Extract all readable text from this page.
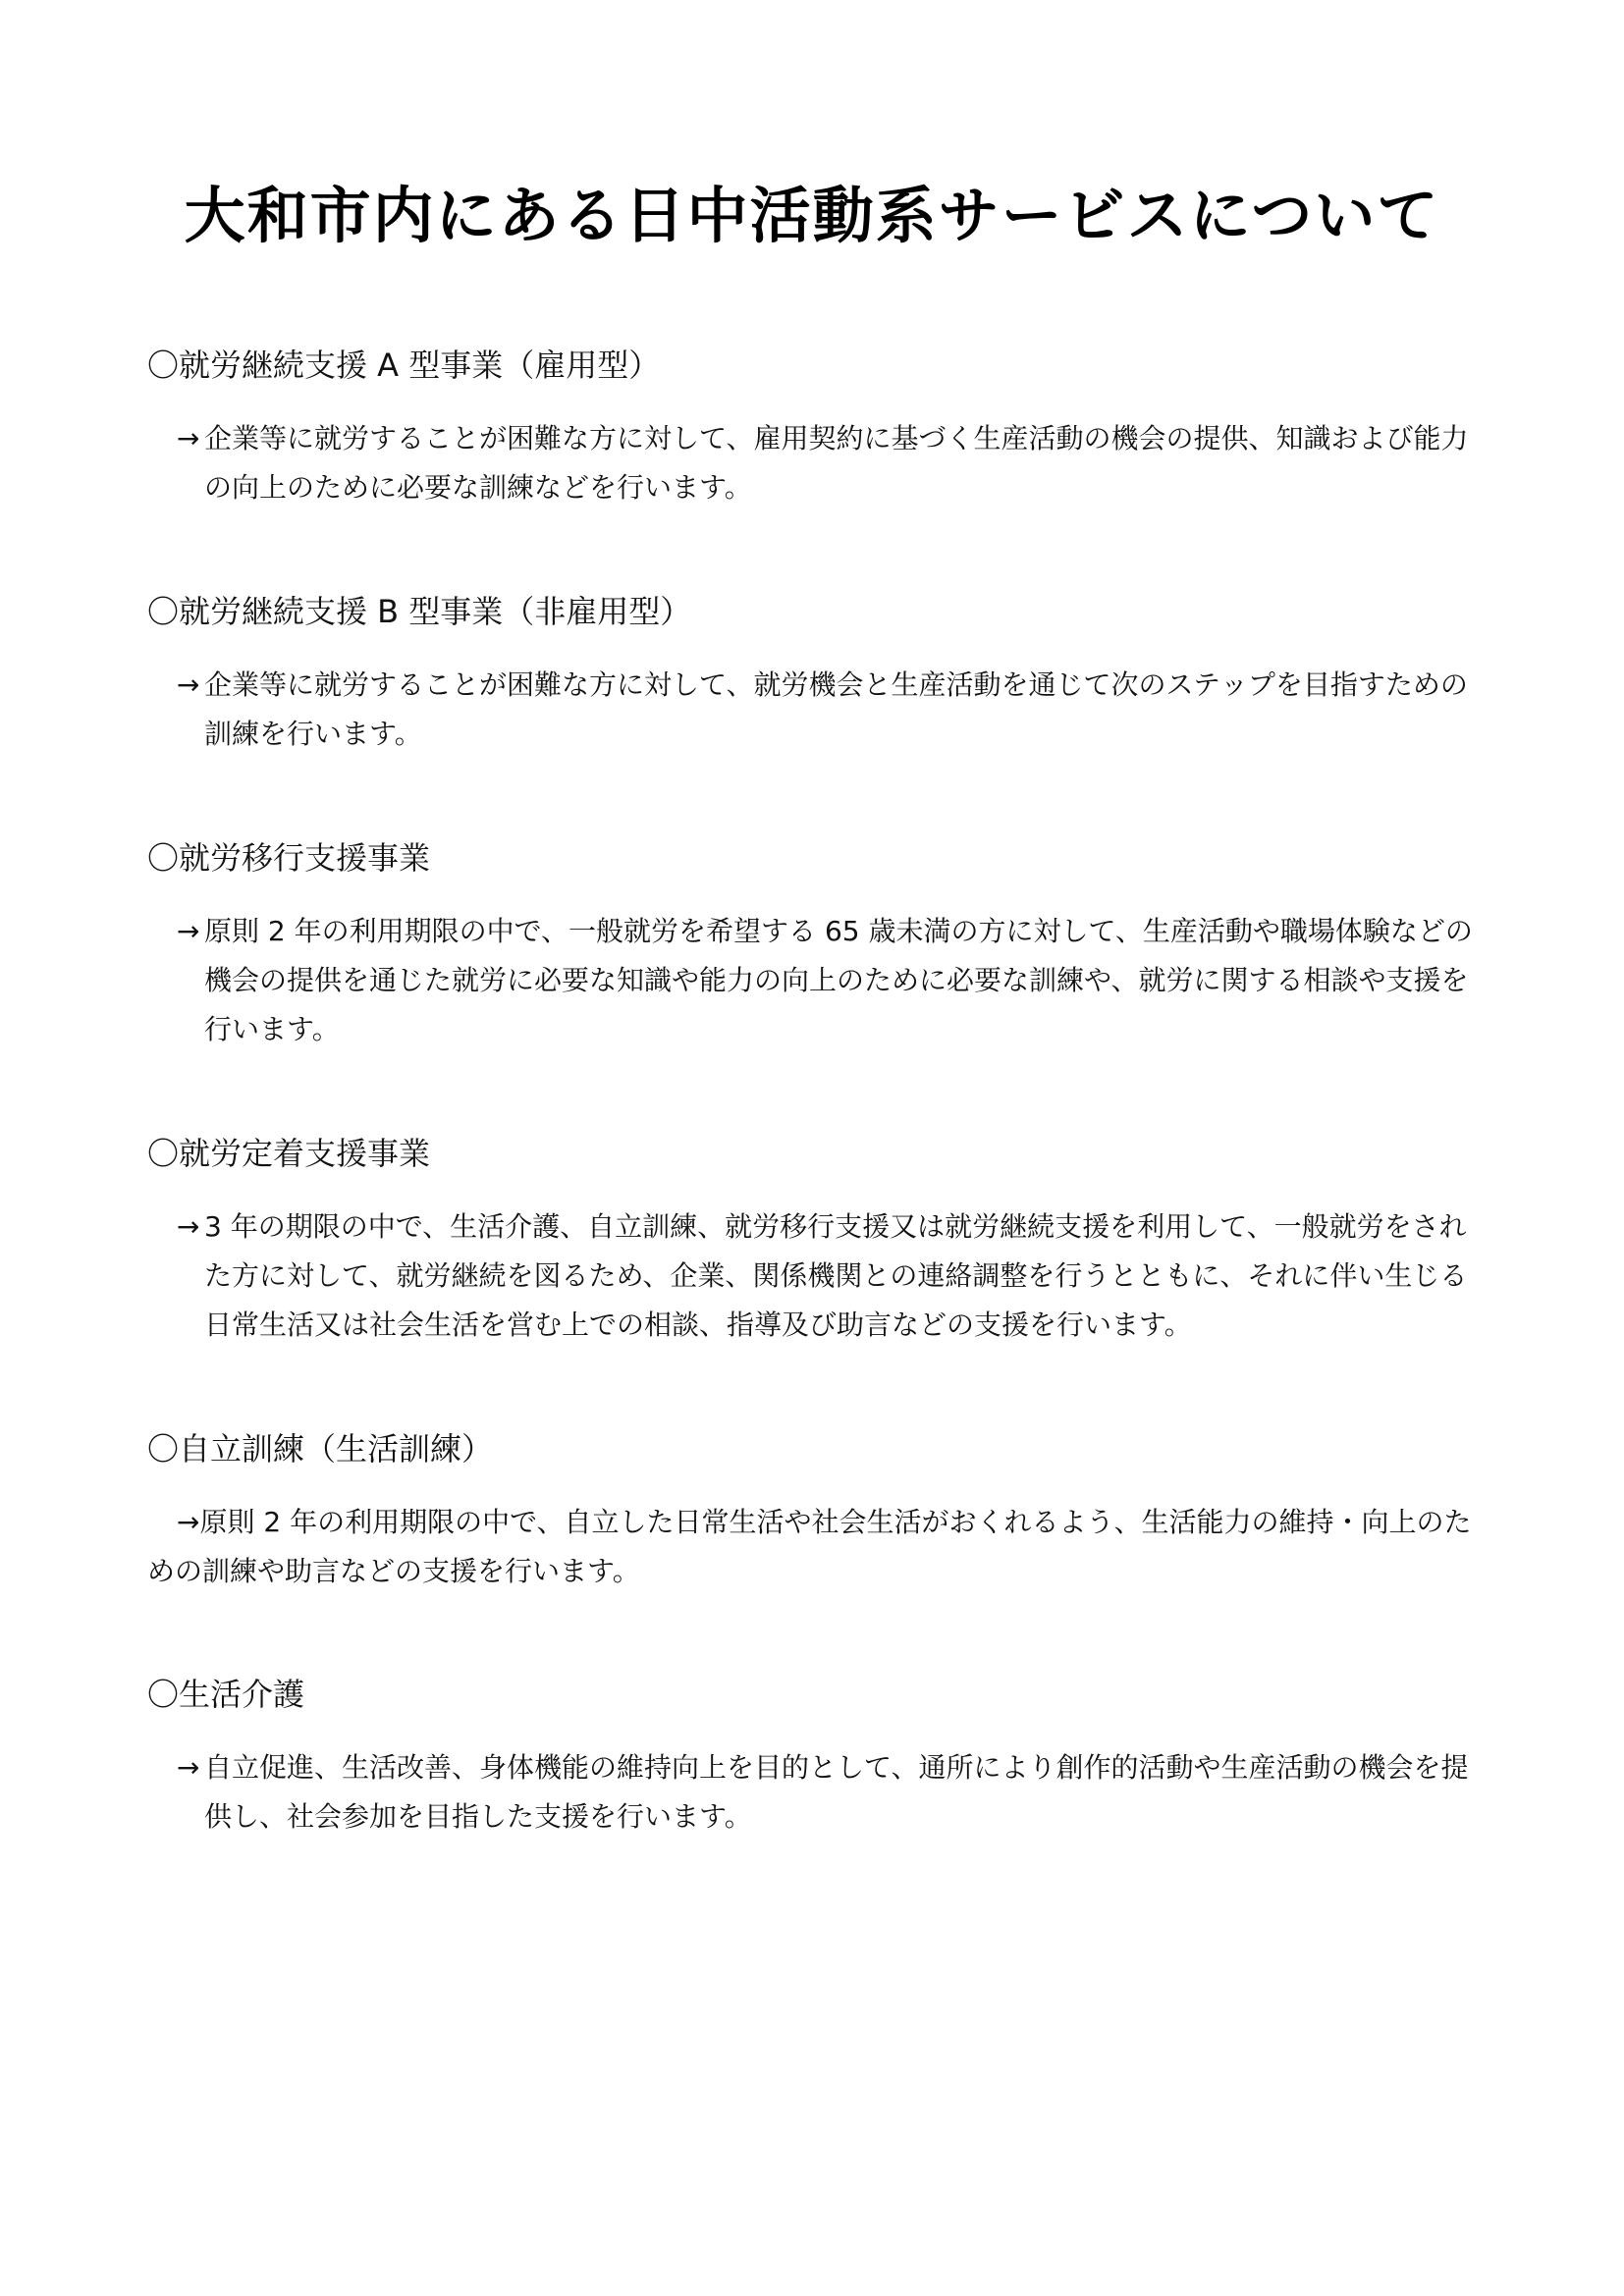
大和市内にある日中活動系サービスについて

〇就労継続支援 A 型事業（雇用型）

→ 企業等に就労することが困難な方に対して、雇用契約に基づく生産活動の機会の提供、知識および能力の向上のために必要な訓練などを行います。

〇就労継続支援 B 型事業（非雇用型）

→ 企業等に就労することが困難な方に対して、就労機会と生産活動を通じて次のステップを目指すための訓練を行います。

〇就労移行支援事業

→ 原則 2 年の利用期限の中で、一般就労を希望する 65 歳未満の方に対して、生産活動や職場体験などの機会の提供を通じた就労に必要な知識や能力の向上のために必要な訓練や、就労に関する相談や支援を行います。

〇就労定着支援事業

→ 3 年の期限の中で、生活介護、自立訓練、就労移行支援又は就労継続支援を利用して、一般就労をされた方に対して、就労継続を図るため、企業、関係機関との連絡調整を行うとともに、それに伴い生じる日常生活又は社会生活を営む上での相談、指導及び助言などの支援を行います。

〇自立訓練（生活訓練）

→原則 2 年の利用期限の中で、自立した日常生活や社会生活がおくれるよう、生活能力の維持・向上のための訓練や助言などの支援を行います。

〇生活介護

→ 自立促進、生活改善、身体機能の維持向上を目的として、通所により創作的活動や生産活動の機会を提供し、社会参加を目指した支援を行います。
